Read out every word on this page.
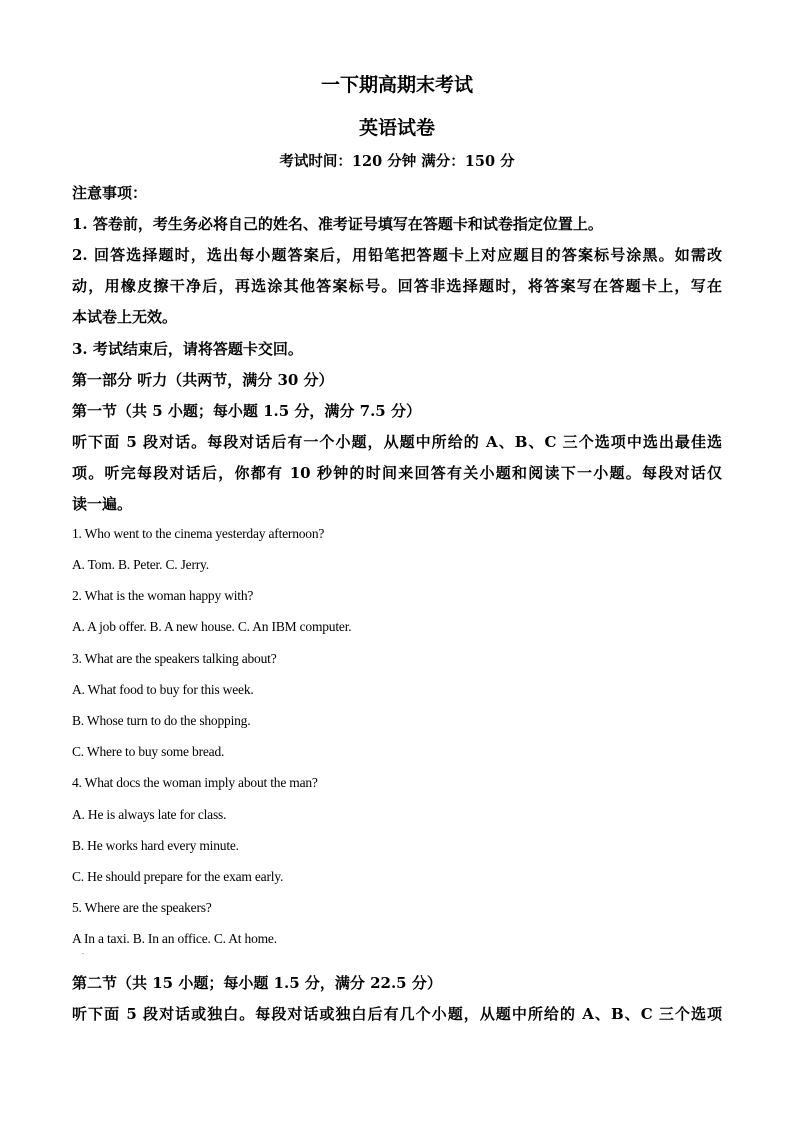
一下期高期末考试
英语试卷
考试时间：120 分钟 满分：150 分
注意事项：
1. 答卷前，考生务必将自己的姓名、准考证号填写在答题卡和试卷指定位置上。
2. 回答选择题时，选出每小题答案后，用铅笔把答题卡上对应题目的答案标号涂黑。如需改
动，用橡皮擦干净后，再选涂其他答案标号。回答非选择题时，将答案写在答题卡上，写在
本试卷上无效。
3. 考试结束后，请将答题卡交回。
第一部分 听力（共两节，满分 30 分）
第一节（共 5 小题；每小题 1.5 分，满分 7.5 分）
听下面 5 段对话。每段对话后有一个小题，从题中所给的 A、B、C 三个选项中选出最佳选
项。听完每段对话后，你都有 10 秒钟的时间来回答有关小题和阅读下一小题。每段对话仅
读一遍。
1. Who went to the cinema yesterday afternoon?
A. Tom. B. Peter. C. Jerry.
2. What is the woman happy with?
A. A job offer. B. A new house. C. An IBM computer.
3. What are the speakers talking about?
A. What food to buy for this week.
B. Whose turn to do the shopping.
C. Where to buy some bread.
4. What docs the woman imply about the man?
A. He is always late for class.
B. He works hard every minute.
C. He should prepare for the exam early.
5. Where are the speakers?
A In a taxi. B. In an office. C. At home.
·
第二节（共 15 小题；每小题 1.5 分，满分 22.5 分）
听下面 5 段对话或独白。每段对话或独白后有几个小题，从题中所给的 A、B、C 三个选项
